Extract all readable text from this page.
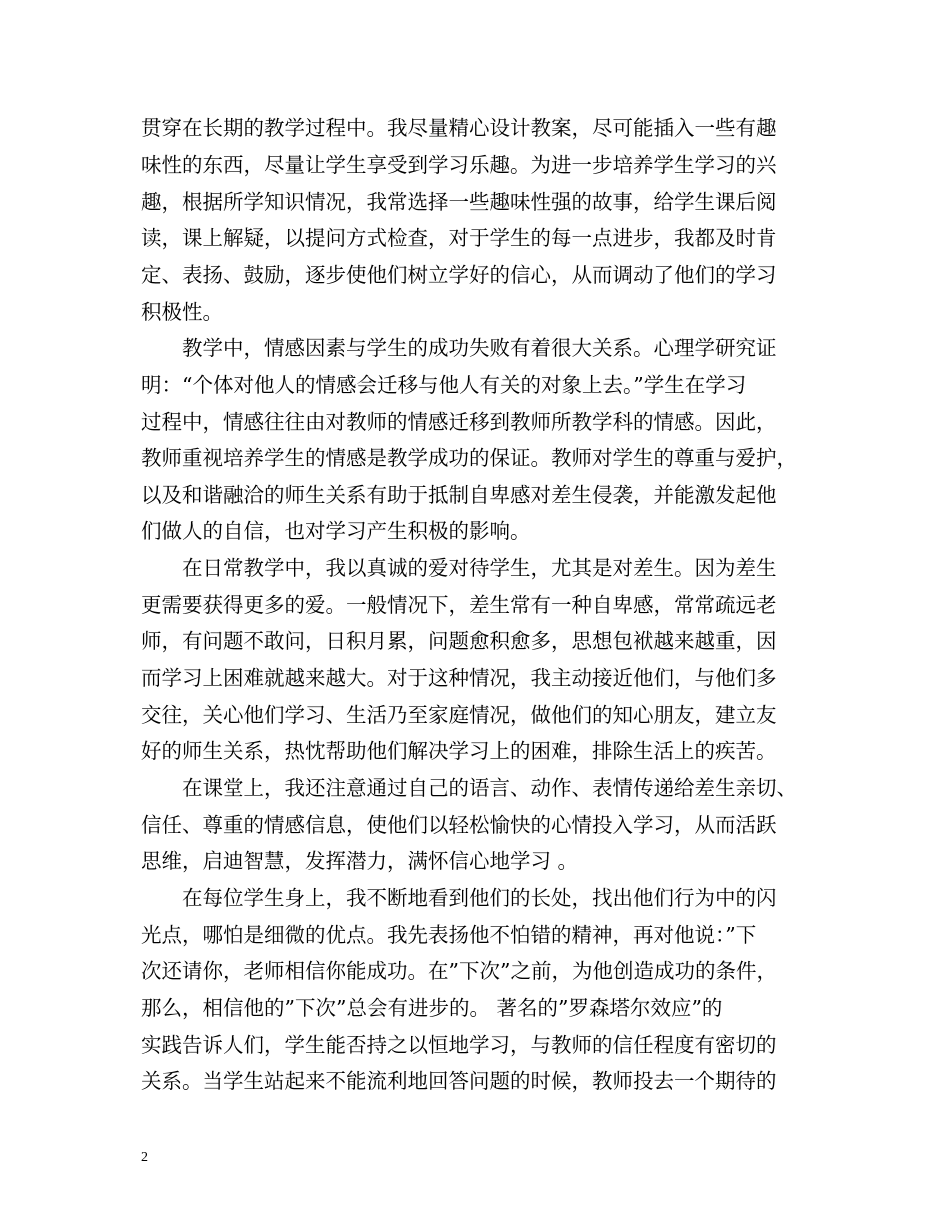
贯穿在长期的教学过程中。我尽量精心设计教案，尽可能插入一些有趣
味性的东西，尽量让学生享受到学习乐趣。为进一步培养学生学习的兴
趣，根据所学知识情况，我常选择一些趣味性强的故事，给学生课后阅
读，课上解疑，以提问方式检查，对于学生的每一点进步，我都及时肯
定、表扬、鼓励，逐步使他们树立学好的信心，从而调动了他们的学习
积极性。
　　教学中，情感因素与学生的成功失败有着很大关系。心理学研究证
明：“个体对他人的情感会迁移与他人有关的对象上去。”学生在学习
过程中，情感往往由对教师的情感迁移到教师所教学科的情感。因此，
教师重视培养学生的情感是教学成功的保证。教师对学生的尊重与爱护，
以及和谐融洽的师生关系有助于抵制自卑感对差生侵袭，并能激发起他
们做人的自信，也对学习产生积极的影响。
　　在日常教学中，我以真诚的爱对待学生，尤其是对差生。因为差生
更需要获得更多的爱。一般情况下，差生常有一种自卑感，常常疏远老
师，有问题不敢问，日积月累，问题愈积愈多，思想包袱越来越重，因
而学习上困难就越来越大。对于这种情况，我主动接近他们，与他们多
交往，关心他们学习、生活乃至家庭情况，做他们的知心朋友，建立友
好的师生关系，热忱帮助他们解决学习上的困难，排除生活上的疾苦。
　　在课堂上，我还注意通过自己的语言、动作、表情传递给差生亲切、
信任、尊重的情感信息，使他们以轻松愉快的心情投入学习，从而活跃
思维，启迪智慧，发挥潜力，满怀信心地学习 。
　　在每位学生身上，我不断地看到他们的长处，找出他们行为中的闪
光点，哪怕是细微的优点。我先表扬他不怕错的精神，再对他说：”下
次还请你，老师相信你能成功。在”下次”之前，为他创造成功的条件，
那么，相信他的”下次”总会有进步的。 著名的”罗森塔尔效应”的
实践告诉人们，学生能否持之以恒地学习，与教师的信任程度有密切的
关系。当学生站起来不能流利地回答问题的时候，教师投去一个期待的
2
